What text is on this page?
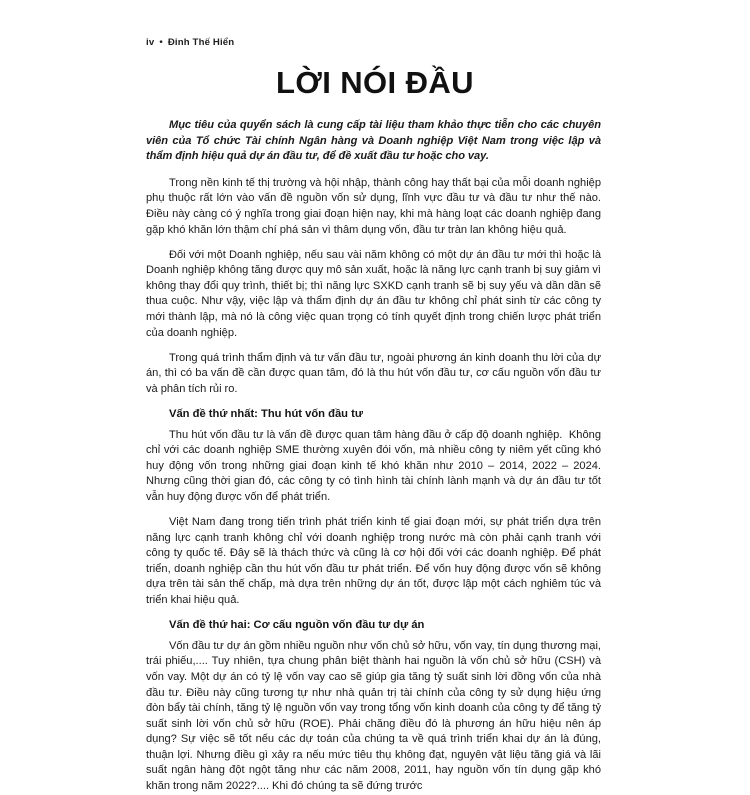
iv • Đinh Thế Hiển
LỜI NÓI ĐẦU

Mục tiêu của quyển sách là cung cấp tài liệu tham khảo thực tiễn cho các chuyên viên của Tổ chức Tài chính Ngân hàng và Doanh nghiệp Việt Nam trong việc lập và thẩm định hiệu quả dự án đầu tư, để đề xuất đầu tư hoặc cho vay.

Trong nền kinh tế thị trường và hội nhập, thành công hay thất bại của mỗi doanh nghiệp phụ thuộc rất lớn vào vấn đề nguồn vốn sử dụng, lĩnh vực đầu tư và đầu tư như thế nào. Điều này càng có ý nghĩa trong giai đoạn hiện nay, khi mà hàng loạt các doanh nghiệp đang gặp khó khăn lớn thậm chí phá sản vì thâm dụng vốn, đầu tư tràn lan không hiệu quả.

Đối với một Doanh nghiệp, nếu sau vài năm không có một dự án đầu tư mới thì hoặc là Doanh nghiệp không tăng được quy mô sản xuất, hoặc là năng lực cạnh tranh bị suy giảm vì không thay đổi quy trình, thiết bị; thì năng lực SXKD cạnh tranh sẽ bị suy yếu và dần dần sẽ thua cuộc. Như vậy, việc lập và thẩm định dự án đầu tư không chỉ phát sinh từ các công ty mới thành lập, mà nó là công việc quan trọng có tính quyết định trong chiến lược phát triển của doanh nghiệp.

Trong quá trình thẩm định và tư vấn đầu tư, ngoài phương án kinh doanh thu lời của dự án, thì có ba vấn đề cần được quan tâm, đó là thu hút vốn đầu tư, cơ cấu nguồn vốn đầu tư và phân tích rủi ro.

Vấn đề thứ nhất: Thu hút vốn đầu tư

Thu hút vốn đầu tư là vấn đề được quan tâm hàng đầu ở cấp độ doanh nghiệp.  Không chỉ với các doanh nghiệp SME thường xuyên đói vốn, mà nhiều công ty niêm yết cũng khó huy động vốn trong những giai đoạn kinh tế khó khăn như 2010 – 2014, 2022 – 2024. Nhưng cũng thời gian đó, các công ty có tình hình tài chính lành mạnh và dự án đầu tư tốt vẫn huy động được vốn để phát triển.

Việt Nam đang trong tiến trình phát triển kinh tế giai đoạn mới, sự phát triển dựa trên năng lực cạnh tranh không chỉ với doanh nghiệp trong nước mà còn phải cạnh tranh với công ty quốc tế. Đây sẽ là thách thức và cũng là cơ hội đối với các doanh nghiệp. Để phát triển, doanh nghiệp cần thu hút vốn đầu tư phát triển. Để vốn huy động được vốn sẽ không dựa trên tài sản thế chấp, mà dựa trên những dự án tốt, được lập một cách nghiêm túc và triển khai hiệu quả.

Vấn đề thứ hai: Cơ cấu nguồn vốn đầu tư dự án

Vốn đầu tư dự án gồm nhiều nguồn như vốn chủ sở hữu, vốn vay, tín dụng thương mại, trái phiếu,.... Tuy nhiên, tựa chung phân biệt thành hai nguồn là vốn chủ sở hữu (CSH) và vốn vay. Một dự án có tỷ lệ vốn vay cao sẽ giúp gia tăng tỷ suất sinh lời đồng vốn của nhà đầu tư. Điều này cũng tương tự như nhà quản trị tài chính của công ty sử dụng hiệu ứng đòn bẩy tài chính, tăng tỷ lệ nguồn vốn vay trong tổng vốn kinh doanh của công ty để tăng tỷ suất sinh lời vốn chủ sở hữu (ROE). Phải chăng điều đó là phương án hữu hiệu nên áp dụng? Sự việc sẽ tốt nếu các dự toán của chúng ta về quá trình triển khai dự án là đúng, thuận lợi. Nhưng điều gì xảy ra nếu mức tiêu thụ không đạt, nguyên vật liệu tăng giá và lãi suất ngân hàng đột ngột tăng như các năm 2008, 2011, hay nguồn vốn tín dụng gặp khó khăn trong năm 2022?.... Khi đó chúng ta sẽ đứng trước
